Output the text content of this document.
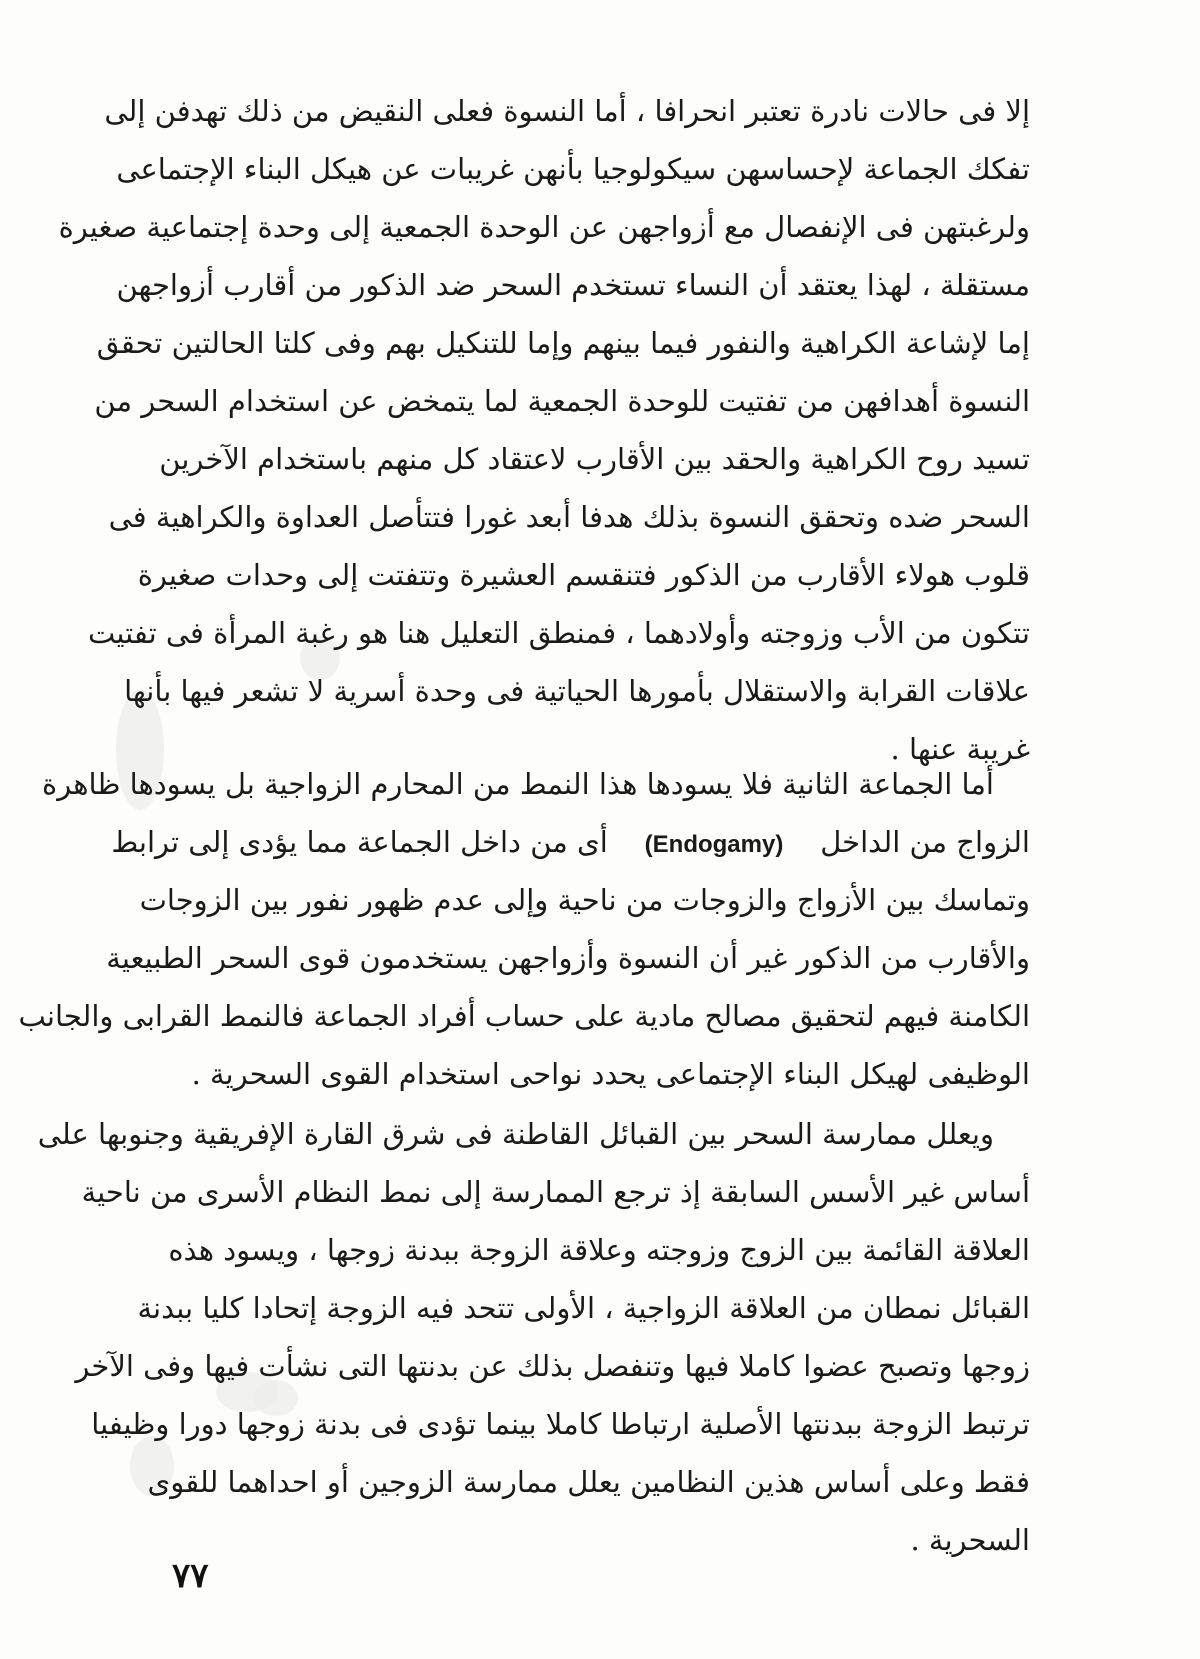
إلا فى حالات نادرة تعتبر انحرافا ، أما النسوة فعلى النقيض من ذلك تهدفن إلى
تفكك الجماعة لإحساسهن سيكولوجيا بأنهن غريبات عن هيكل البناء الإجتماعى
ولرغبتهن فى الإنفصال مع أزواجهن عن الوحدة الجمعية إلى وحدة إجتماعية صغيرة
مستقلة ، لهذا يعتقد أن النساء تستخدم السحر ضد الذكور من أقارب أزواجهن
إما لإشاعة الكراهية والنفور فيما بينهم وإما للتنكيل بهم وفى كلتا الحالتين تحقق
النسوة أهدافهن من تفتيت للوحدة الجمعية لما يتمخض عن استخدام السحر من
تسيد روح الكراهية والحقد بين الأقارب لاعتقاد كل منهم باستخدام الآخرين
السحر ضده وتحقق النسوة بذلك هدفا أبعد غورا فتتأصل العداوة والكراهية فى
قلوب هولاء الأقارب من الذكور فتنقسم العشيرة وتتفتت إلى وحدات صغيرة
تتكون من الأب وزوجته وأولادهما ، فمنطق التعليل هنا هو رغبة المرأة فى تفتيت
علاقات القرابة والاستقلال بأمورها الحياتية فى وحدة أسرية لا تشعر فيها بأنها
غريبة عنها .
أما الجماعة الثانية فلا يسودها هذا النمط من المحارم الزواجية بل يسودها ظاهرة
الزواج من الداخل    (Endogamy)    أى من داخل الجماعة مما يؤدى إلى ترابط
وتماسك بين الأزواج والزوجات من ناحية وإلى عدم ظهور نفور بين الزوجات
والأقارب من الذكور غير أن النسوة وأزواجهن يستخدمون قوى السحر الطبيعية
الكامنة فيهم لتحقيق مصالح مادية على حساب أفراد الجماعة فالنمط القرابى والجانب
الوظيفى لهيكل البناء الإجتماعى يحدد نواحى استخدام القوى السحرية .
ويعلل ممارسة السحر بين القبائل القاطنة فى شرق القارة الإفريقية وجنوبها على
أساس غير الأسس السابقة إذ ترجع الممارسة إلى نمط النظام الأسرى من ناحية
العلاقة القائمة بين الزوج وزوجته وعلاقة الزوجة ببدنة زوجها ، ويسود هذه
القبائل نمطان من العلاقة الزواجية ، الأولى تتحد فيه الزوجة إتحادا كليا ببدنة
زوجها وتصبح عضوا كاملا فيها وتنفصل بذلك عن بدنتها التى نشأت فيها وفى الآخر
ترتبط الزوجة ببدنتها الأصلية ارتباطا كاملا بينما تؤدى فى بدنة زوجها دورا وظيفيا
فقط وعلى أساس هذين النظامين يعلل ممارسة الزوجين أو احداهما للقوى
السحرية .
٧٧
